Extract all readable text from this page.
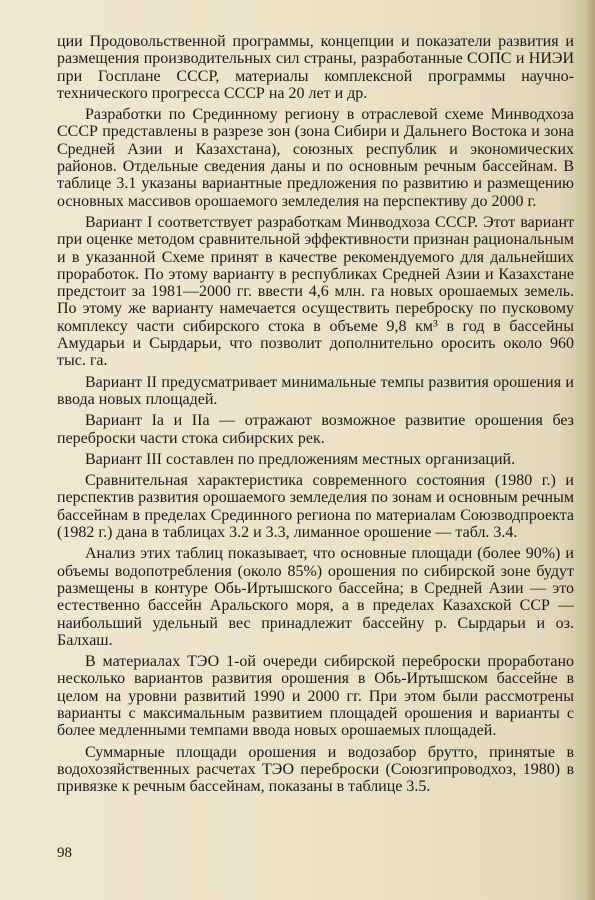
ции Продовольственной программы, концепции и показатели развития и размещения производительных сил страны, разработанные СОПС и НИЭИ при Госплане СССР, материалы комплексной программы научно-технического прогресса СССР на 20 лет и др.

Разработки по Срединному региону в отраслевой схеме Минводхоза СССР представлены в разрезе зон (зона Сибири и Дальнего Востока и зона Средней Азии и Казахстана), союзных республик и экономических районов. Отдельные сведения даны и по основным речным бассейнам. В таблице 3.1 указаны вариантные предложения по развитию и размещению основных массивов орошаемого земледелия на перспективу до 2000 г.

Вариант I соответствует разработкам Минводхоза СССР. Этот вариант при оценке методом сравнительной эффективности признан рациональным и в указанной Схеме принят в качестве рекомендуемого для дальнейших проработок. По этому варианту в республиках Средней Азии и Казахстане предстоит за 1981—2000 гг. ввести 4,6 млн. га новых орошаемых земель. По этому же варианту намечается осуществить переброску по пусковому комплексу части сибирского стока в объеме 9,8 км³ в год в бассейны Амударьи и Сырдарьи, что позволит дополнительно оросить около 960 тыс. га.

Вариант II предусматривает минимальные темпы развития орошения и ввода новых площадей.

Вариант Iа и IIа — отражают возможное развитие орошения без переброски части стока сибирских рек.

Вариант III составлен по предложениям местных организаций.

Сравнительная характеристика современного состояния (1980 г.) и перспектив развития орошаемого земледелия по зонам и основным речным бассейнам в пределах Срединного региона по материалам Союзводпроекта (1982 г.) дана в таблицах 3.2 и 3.3, лиманное орошение — табл. 3.4.

Анализ этих таблиц показывает, что основные площади (более 90%) и объемы водопотребления (около 85%) орошения по сибирской зоне будут размещены в контуре Обь-Иртышского бассейна; в Средней Азии — это естественно бассейн Аральского моря, а в пределах Казахской ССР — наибольший удельный вес принадлежит бассейну р. Сырдарьи и оз. Балхаш.

В материалах ТЭО 1-ой очереди сибирской переброски проработано несколько вариантов развития орошения в Обь-Иртышском бассейне в целом на уровни развитий 1990 и 2000 гг. При этом были рассмотрены варианты с максимальным развитием площадей орошения и варианты с более медленными темпами ввода новых орошаемых площадей.

Суммарные площади орошения и водозабор брутто, принятые в водохозяйственных расчетах ТЭО переброски (Союзгипроводхоз, 1980) в привязке к речным бассейнам, показаны в таблице 3.5.

98
